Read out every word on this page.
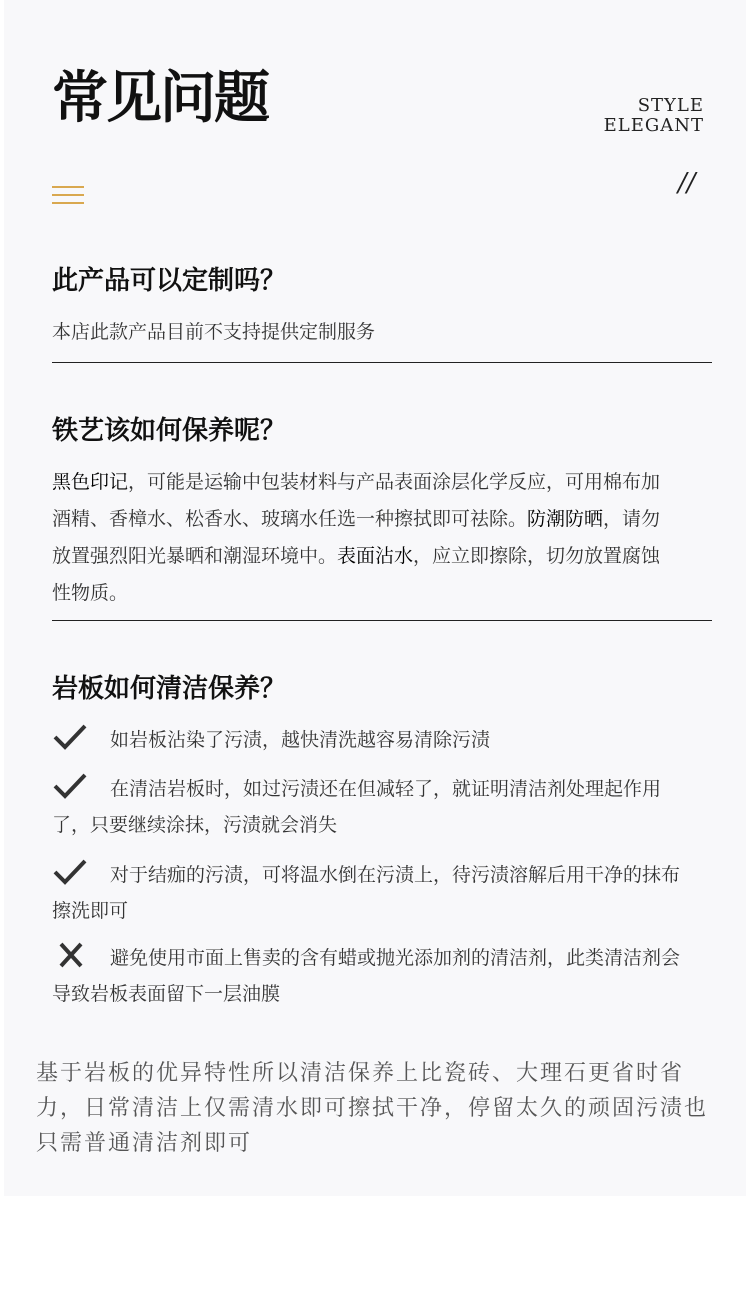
常见问题	STYLE
ELEGANT
//
此产品可以定制吗？
本店此款产品目前不支持提供定制服务
铁艺该如何保养呢？
黑色印记，可能是运输中包装材料与产品表面涂层化学反应，可用棉布加酒精、香樟水、松香水、玻璃水任选一种擦拭即可祛除。防潮防晒，请勿放置强烈阳光暴晒和潮湿环境中。表面沾水，应立即擦除，切勿放置腐蚀性物质。
岩板如何清洁保养？
如岩板沾染了污渍，越快清洗越容易清除污渍
在清洁岩板时，如过污渍还在但减轻了，就证明清洁剂处理起作用了，只要继续涂抹，污渍就会消失
对于结痂的污渍，可将温水倒在污渍上，待污渍溶解后用干净的抹布擦洗即可
避免使用市面上售卖的含有蜡或抛光添加剂的清洁剂，此类清洁剂会导致岩板表面留下一层油膜
基于岩板的优异特性所以清洁保养上比瓷砖、大理石更省时省力，日常清洁上仅需清水即可擦拭干净，停留太久的顽固污渍也只需普通清洁剂即可
